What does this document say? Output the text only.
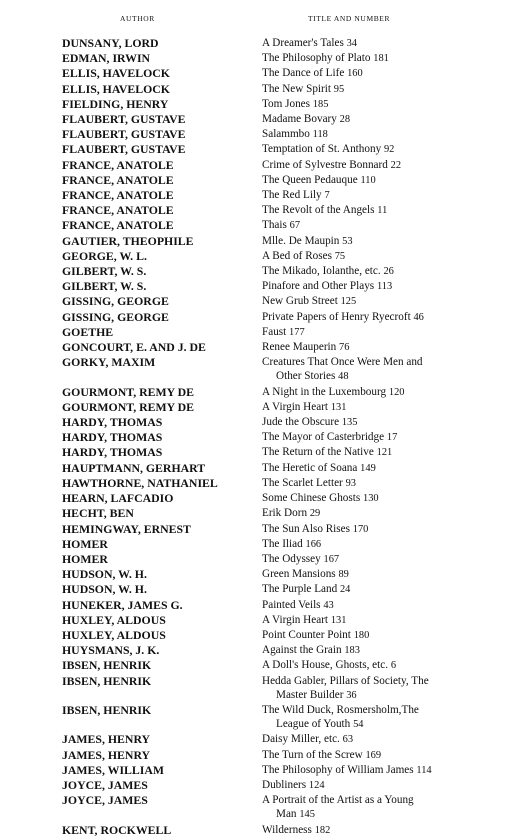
AUTHOR	TITLE AND NUMBER
DUNSANY, LORD	A Dreamer's Tales 34
EDMAN, IRWIN	The Philosophy of Plato 181
ELLIS, HAVELOCK	The Dance of Life 160
ELLIS, HAVELOCK	The New Spirit 95
FIELDING, HENRY	Tom Jones 185
FLAUBERT, GUSTAVE	Madame Bovary 28
FLAUBERT, GUSTAVE	Salammbo 118
FLAUBERT, GUSTAVE	Temptation of St. Anthony 92
FRANCE, ANATOLE	Crime of Sylvestre Bonnard 22
FRANCE, ANATOLE	The Queen Pedauque 110
FRANCE, ANATOLE	The Red Lily 7
FRANCE, ANATOLE	The Revolt of the Angels 11
FRANCE, ANATOLE	Thais 67
GAUTIER, THEOPHILE	Mlle. De Maupin 53
GEORGE, W. L.	A Bed of Roses 75
GILBERT, W. S.	The Mikado, Iolanthe, etc. 26
GILBERT, W. S.	Pinafore and Other Plays 113
GISSING, GEORGE	New Grub Street 125
GISSING, GEORGE	Private Papers of Henry Ryecroft 46
GOETHE	Faust 177
GONCOURT, E. AND J. DE	Renee Mauperin 76
GORKY, MAXIM	Creatures That Once Were Men and
Other Stories 48
GOURMONT, REMY DE	A Night in the Luxembourg 120
GOURMONT, REMY DE	A Virgin Heart 131
HARDY, THOMAS	Jude the Obscure 135
HARDY, THOMAS	The Mayor of Casterbridge 17
HARDY, THOMAS	The Return of the Native 121
HAUPTMANN, GERHART	The Heretic of Soana 149
HAWTHORNE, NATHANIEL	The Scarlet Letter 93
HEARN, LAFCADIO	Some Chinese Ghosts 130
HECHT, BEN	Erik Dorn 29
HEMINGWAY, ERNEST	The Sun Also Rises 170
HOMER	The Iliad 166
HOMER	The Odyssey 167
HUDSON, W. H.	Green Mansions 89
HUDSON, W. H.	The Purple Land 24
HUNEKER, JAMES G.	Painted Veils 43
HUXLEY, ALDOUS	A Virgin Heart 131
HUXLEY, ALDOUS	Point Counter Point 180
HUYSMANS, J. K.	Against the Grain 183
IBSEN, HENRIK	A Doll's House, Ghosts, etc. 6
IBSEN, HENRIK	Hedda Gabler, Pillars of Society, The
Master Builder 36
IBSEN, HENRIK	The Wild Duck, Rosmersholm,The
League of Youth 54
JAMES, HENRY	Daisy Miller, etc. 63
JAMES, HENRY	The Turn of the Screw 169
JAMES, WILLIAM	The Philosophy of William James 114
JOYCE, JAMES	Dubliners 124
JOYCE, JAMES	A Portrait of the Artist as a Young
Man 145
KENT, ROCKWELL	Wilderness 182
